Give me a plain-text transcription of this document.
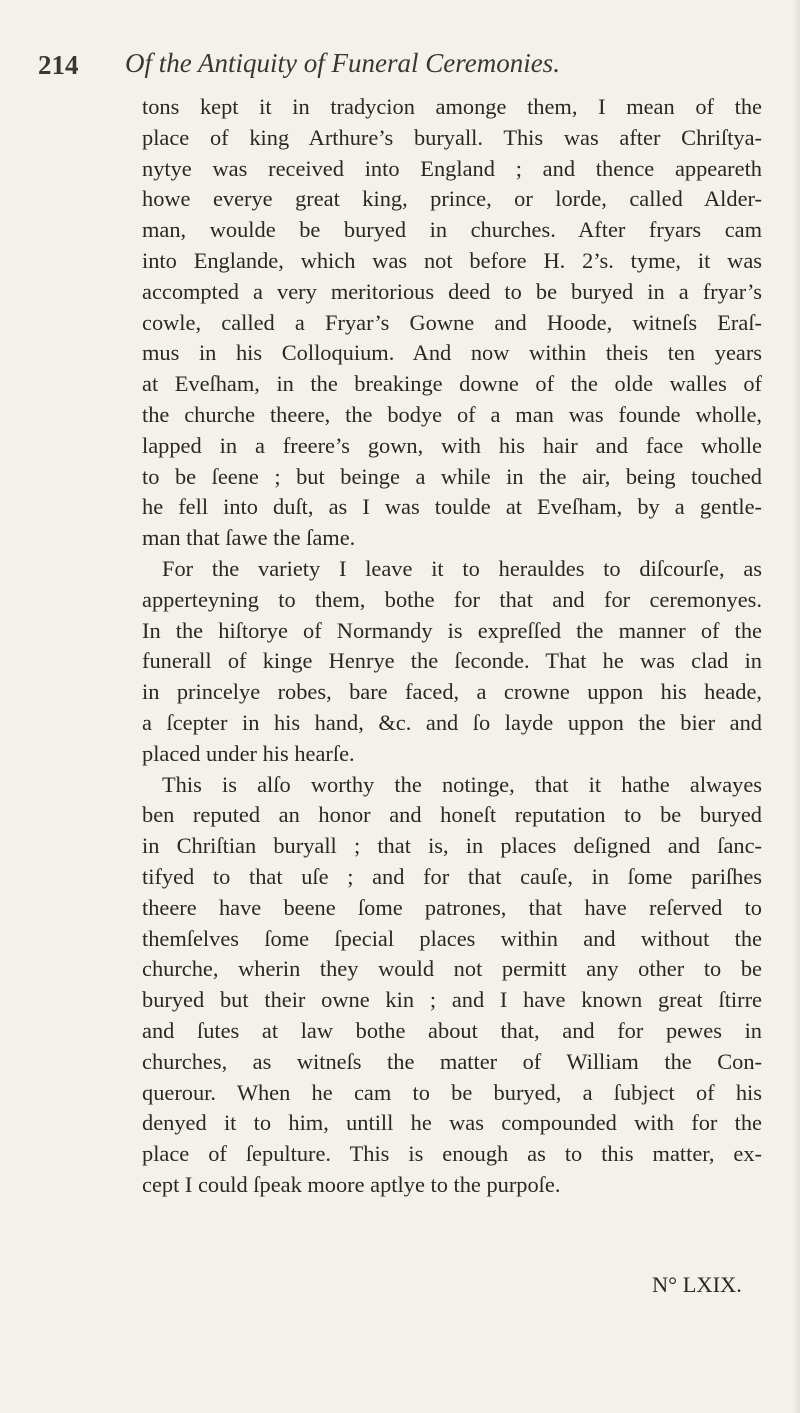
214 Of the Antiquity of Funeral Ceremonies.
tons kept it in tradycion amonge them, I mean of the
place of king Arthure’s buryall. This was after Chriſtya-
nytye was received into England ; and thence appeareth
howe everye great king, prince, or lorde, called Alder-
man, woulde be buryed in churches. After fryars cam
into Englande, which was not before H. 2’s. tyme, it was
accompted a very meritorious deed to be buryed in a fryar’s
cowle, called a Fryar’s Gowne and Hoode, witneſs Eraſ-
mus in his Colloquium. And now within theis ten years
at Eveſham, in the breakinge downe of the olde walles of
the churche theere, the bodye of a man was founde wholle,
lapped in a freere’s gown, with his hair and face wholle
to be ſeene ; but beinge a while in the air, being touched
he fell into duſt, as I was toulde at Eveſham, by a gentle-
man that ſawe the ſame.
For the variety I leave it to herauldes to diſcourſe, as
apperteyning to them, bothe for that and for ceremonyes.
In the hiſtorye of Normandy is expreſſed the manner of the
funerall of kinge Henrye the ſeconde. That he was clad in
in princelye robes, bare faced, a crowne uppon his heade,
a ſcepter in his hand, &c. and ſo layde uppon the bier and
placed under his hearſe.
This is alſo worthy the notinge, that it hathe alwayes
ben reputed an honor and honeſt reputation to be buryed
in Chriſtian buryall ; that is, in places deſigned and ſanc-
tifyed to that uſe ; and for that cauſe, in ſome pariſhes
theere have beene ſome patrones, that have reſerved to
themſelves ſome ſpecial places within and without the
churche, wherin they would not permitt any other to be
buryed but their owne kin ; and I have known great ſtirre
and ſutes at law bothe about that, and for pewes in
churches, as witneſs the matter of William the Con-
querour. When he cam to be buryed, a ſubject of his
denyed it to him, untill he was compounded with for the
place of ſepulture. This is enough as to this matter, ex-
cept I could ſpeak moore aptlye to the purpoſe.
N° LXIX.
